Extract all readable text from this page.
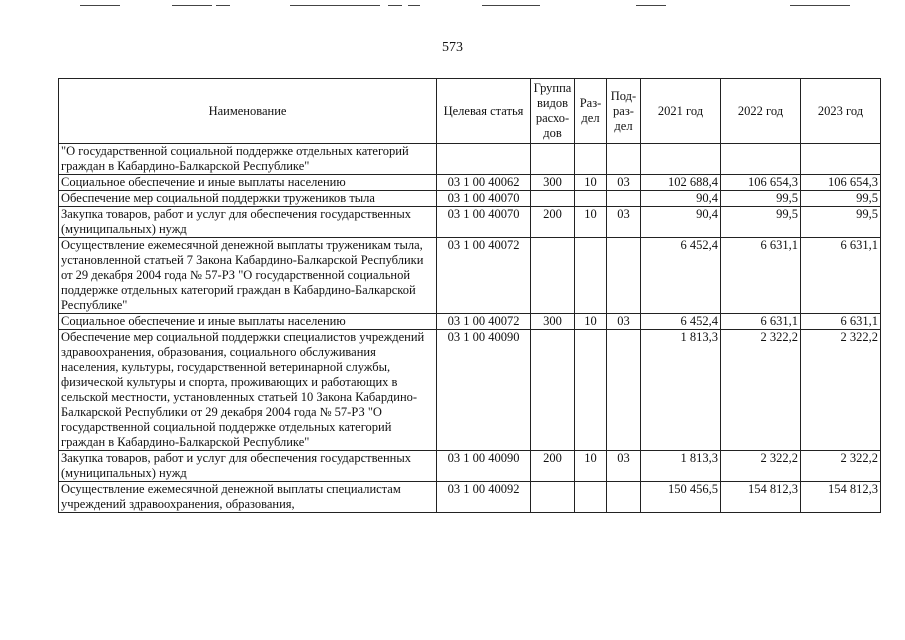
573
Наименование	Целевая статья	Группа видов расхо-дов	Раз-дел	Под-раз-дел	2021 год	2022 год	2023 год
"О государственной социальной поддержке отдельных категорий граждан в Кабардино-Балкарской Республике"							
Социальное обеспечение и иные выплаты населению	03 1 00 40062	300	10	03	102 688,4	106 654,3	106 654,3
Обеспечение мер социальной поддержки тружеников тыла	03 1 00 40070				90,4	99,5	99,5
Закупка товаров, работ и услуг для обеспечения государственных (муниципальных) нужд	03 1 00 40070	200	10	03	90,4	99,5	99,5
Осуществление ежемесячной денежной выплаты труженикам тыла, установленной статьей 7 Закона Кабардино-Балкарской Республики от 29 декабря 2004 года № 57-РЗ "О государственной социальной поддержке отдельных категорий граждан в Кабардино-Балкарской Республике"	03 1 00 40072				6 452,4	6 631,1	6 631,1
Социальное обеспечение и иные выплаты населению	03 1 00 40072	300	10	03	6 452,4	6 631,1	6 631,1
Обеспечение мер социальной поддержки специалистов учреждений здравоохранения, образования, социального обслуживания населения, культуры, государственной ветеринарной службы, физической культуры и спорта, проживающих и работающих в сельской местности, установленных статьей 10 Закона Кабардино-Балкарской Республики от 29 декабря 2004 года № 57-РЗ "О государственной социальной поддержке отдельных категорий граждан в Кабардино-Балкарской Республике"	03 1 00 40090				1 813,3	2 322,2	2 322,2
Закупка товаров, работ и услуг для обеспечения государственных (муниципальных) нужд	03 1 00 40090	200	10	03	1 813,3	2 322,2	2 322,2
Осуществление ежемесячной денежной выплаты специалистам учреждений здравоохранения, образования,	03 1 00 40092				150 456,5	154 812,3	154 812,3
